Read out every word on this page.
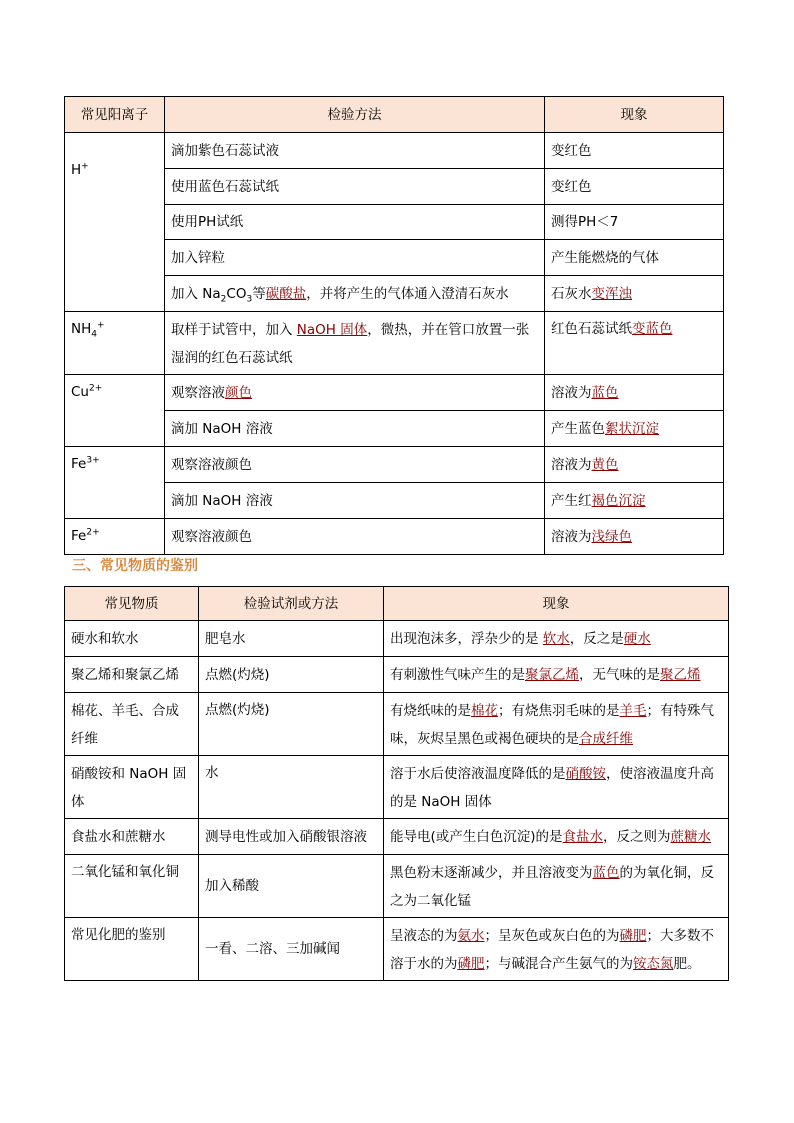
常见阳离子	检验方法	现象
H+	滴加紫色石蕊试液	变红色
	使用蓝色石蕊试纸	变红色
	使用PH试纸	测得PH＜7
	加入锌粒	产生能燃烧的气体
	加入 $Na_2CO_3$等碳酸盐，并将产生的气体通入澄清石灰水	石灰水变浑浊
$NH_4^+$	取样于试管中，加入 NaOH 固体，微热，并在管口放置一张湿润的红色石蕊试纸	红色石蕊试纸变蓝色
$Cu^{2+}$	观察溶液颜色	溶液为蓝色
	滴加 NaOH 溶液	产生蓝色絮状沉淀
$Fe^{3+}$	观察溶液颜色	溶液为黄色
	滴加 NaOH 溶液	产生红褐色沉淀
$Fe^{2+}$	观察溶液颜色	溶液为浅绿色
三、常见物质的鉴别
常见物质	检验试剂或方法	现象
硬水和软水	肥皂水	出现泡沫多，浮杂少的是 软水，反之是硬水
聚乙烯和聚氯乙烯	点燃(灼烧)	有刺激性气味产生的是聚氯乙烯，无气味的是聚乙烯
棉花、羊毛、合成纤维	点燃(灼烧)	有烧纸味的是棉花；有烧焦羽毛味的是羊毛；有特殊气味，灰烬呈黑色或褐色硬块的是合成纤维
硝酸铵和 NaOH 固体	水	溶于水后使溶液温度降低的是硝酸铵，使溶液温度升高的是 NaOH 固体
食盐水和蔗糖水	测导电性或加入硝酸银溶液	能导电(或产生白色沉淀)的是食盐水，反之则为蔗糖水
二氧化锰和氧化铜	加入稀酸	黑色粉末逐渐减少，并且溶液变为蓝色的为氧化铜，反之为二氧化锰
常见化肥的鉴别	一看、二溶、三加碱闻	呈液态的为氨水；呈灰色或灰白色的为磷肥；大多数不溶于水的为磷肥；与碱混合产生氨气的为铵态氮肥。
